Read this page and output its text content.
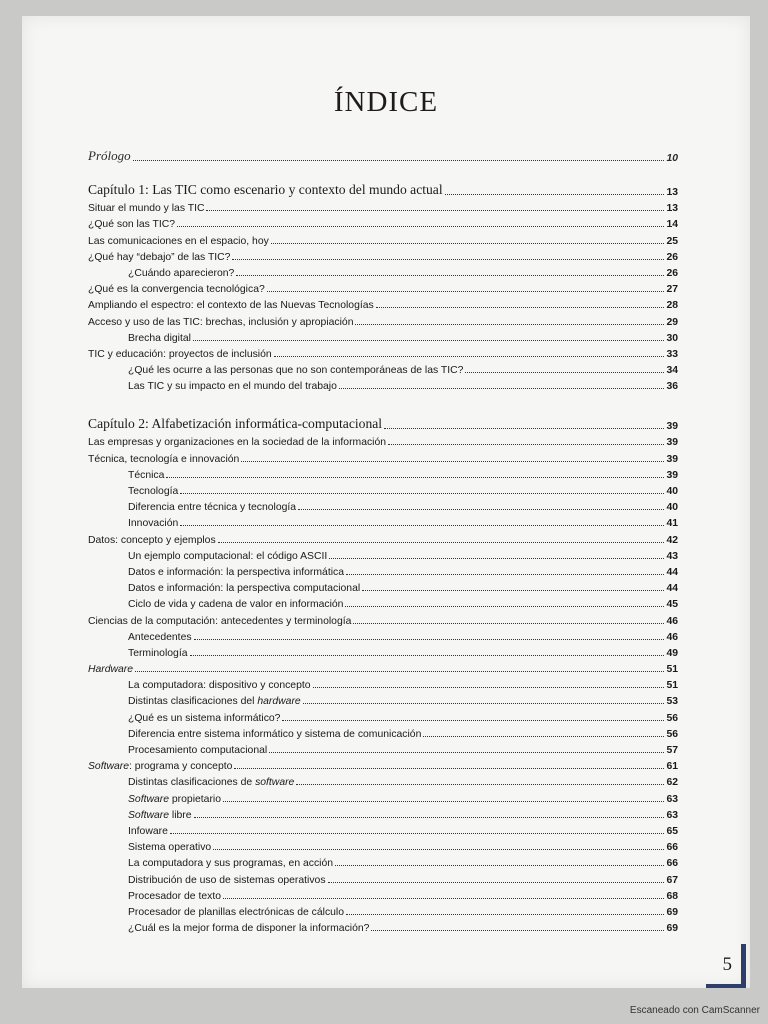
ÍNDICE
Prólogo	10
Capítulo 1: Las TIC como escenario y contexto del mundo actual	13
Situar el mundo y las TIC	13
¿Qué son las TIC?	14
Las comunicaciones en el espacio, hoy	25
¿Qué hay “debajo” de las TIC?	26
¿Cuándo aparecieron?	26
¿Qué es la convergencia tecnológica?	27
Ampliando el espectro: el contexto de las Nuevas Tecnologías	28
Acceso y uso de las TIC: brechas, inclusión y apropiación	29
Brecha digital	30
TIC y educación: proyectos de inclusión	33
¿Qué les ocurre a las personas que no son contemporáneas de las TIC?	34
Las TIC y su impacto en el mundo del trabajo	36
Capítulo 2: Alfabetización informática-computacional	39
Las empresas y organizaciones en la sociedad de la información	39
Técnica, tecnología e innovación	39
Técnica	39
Tecnología	40
Diferencia entre técnica y tecnología	40
Innovación	41
Datos: concepto y ejemplos	42
Un ejemplo computacional: el código ASCII	43
Datos e información: la perspectiva informática	44
Datos e información: la perspectiva computacional	44
Ciclo de vida y cadena de valor en información	45
Ciencias de la computación: antecedentes y terminología	46
Antecedentes	46
Terminología	49
Hardware	51
La computadora: dispositivo y concepto	51
Distintas clasificaciones del hardware	53
¿Qué es un sistema informático?	56
Diferencia entre sistema informático y sistema de comunicación	56
Procesamiento computacional	57
Software: programa y concepto	61
Distintas clasificaciones de software	62
Software propietario	63
Software libre	63
Infoware	65
Sistema operativo	66
La computadora y sus programas, en acción	66
Distribución de uso de sistemas operativos	67
Procesador de texto	68
Procesador de planillas electrónicas de cálculo	69
¿Cuál es la mejor forma de disponer la información?	69
5
Escaneado con CamScanner
